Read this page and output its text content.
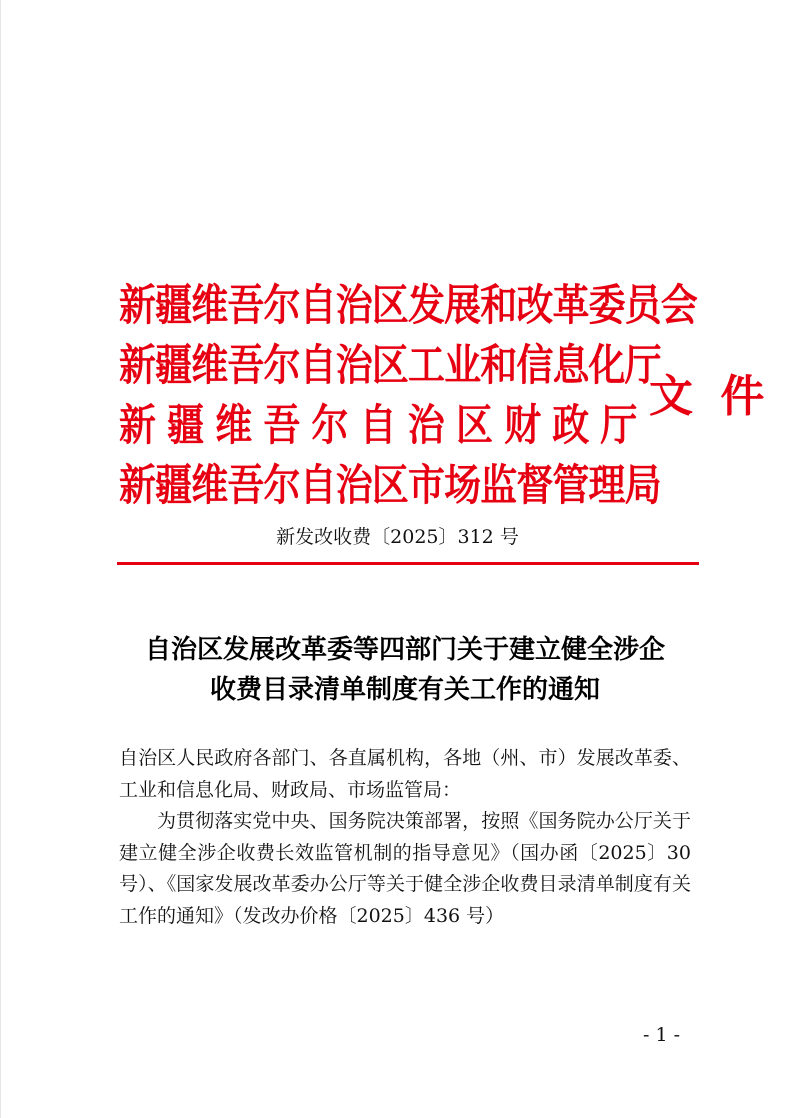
新疆维吾尔自治区发展和改革委员会
新疆维吾尔自治区工业和信息化厅
新 疆 维 吾 尔 自 治 区 财 政 厅
新疆维吾尔自治区市场监督管理局
文 件
新发改收费〔2025〕312 号
自治区发展改革委等四部门关于建立健全涉企
收费目录清单制度有关工作的通知

自治区人民政府各部门、各直属机构，各地（州、市）发展改革委、工业和信息化局、财政局、市场监管局：

为贯彻落实党中央、国务院决策部署，按照《国务院办公厅关于建立健全涉企收费长效监管机制的指导意见》（国办函〔2025〕30 号）、《国家发展改革委办公厅等关于健全涉企收费目录清单制度有关工作的通知》（发改办价格〔2025〕436 号）

- 1 -
